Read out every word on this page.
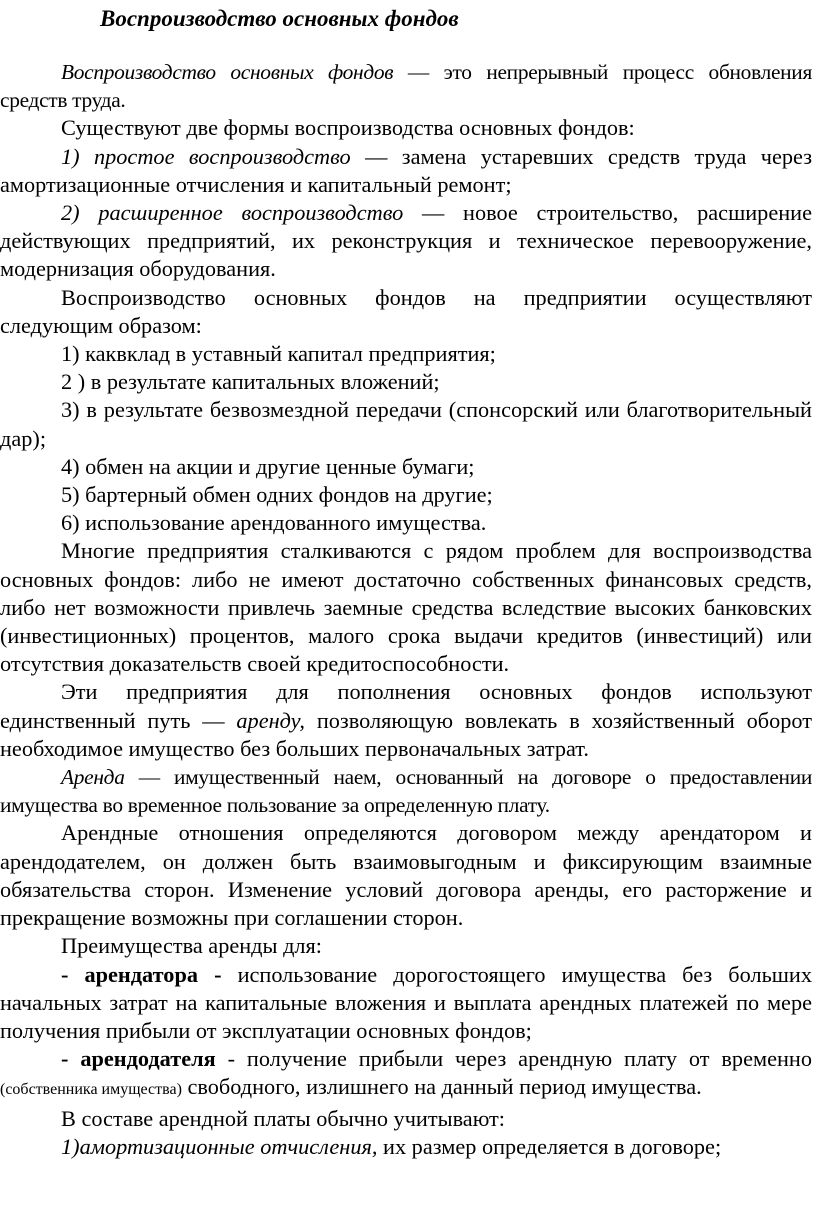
Воспроизводство основных фондов

Воспроизводство основных фондов — это непрерывный процесс обновления средств труда.

Существуют две формы воспроизводства основных фондов:

1) простое воспроизводство — замена устаревших средств труда через амортизационные отчисления и капитальный ремонт;

2) расширенное воспроизводство — новое строительство, расширение действующих предприятий, их реконструкция и техническое перевооружение, модернизация оборудования.

Воспроизводство основных фондов на предприятии осуществляют следующим образом:

1) каквклад в уставный капитал предприятия;

2 ) в результате капитальных вложений;

3) в результате безвозмездной передачи (спонсорский или благотворительный дар);

4) обмен на акции и другие ценные бумаги;

5) бартерный обмен одних фондов на другие;

6) использование арендованного имущества.

Многие предприятия сталкиваются с рядом проблем для воспроизводства основных фондов: либо не имеют достаточно собственных финансовых средств, либо нет возможности привлечь заемные средства вследствие высоких банковских (инвестиционных) процентов, малого срока выдачи кредитов (инвестиций) или отсутствия доказательств своей кредитоспособности.

Эти предприятия для пополнения основных фондов используют единственный путь — аренду, позволяющую вовлекать в хозяйственный оборот необходимое имущество без больших первоначальных затрат.

Аренда — имущественный наем, основанный на договоре о предоставлении имущества во временное пользование за определенную плату.

Арендные отношения определяются договором между арендатором и арендодателем, он должен быть взаимовыгодным и фиксирующим взаимные обязательства сторон. Изменение условий договора аренды, его расторжение и прекращение возможны при соглашении сторон.

Преимущества аренды для:

- арендатора - использование дорогостоящего имущества без больших начальных затрат на капитальные вложения и выплата арендных платежей по мере получения прибыли от эксплуатации основных фондов;

- арендодателя - получение прибыли через арендную плату от временно (собственника имущества) свободного, излишнего на данный период имущества.

В составе арендной платы обычно учитывают:

1)амортизационные отчисления, их размер определяется в договоре;
